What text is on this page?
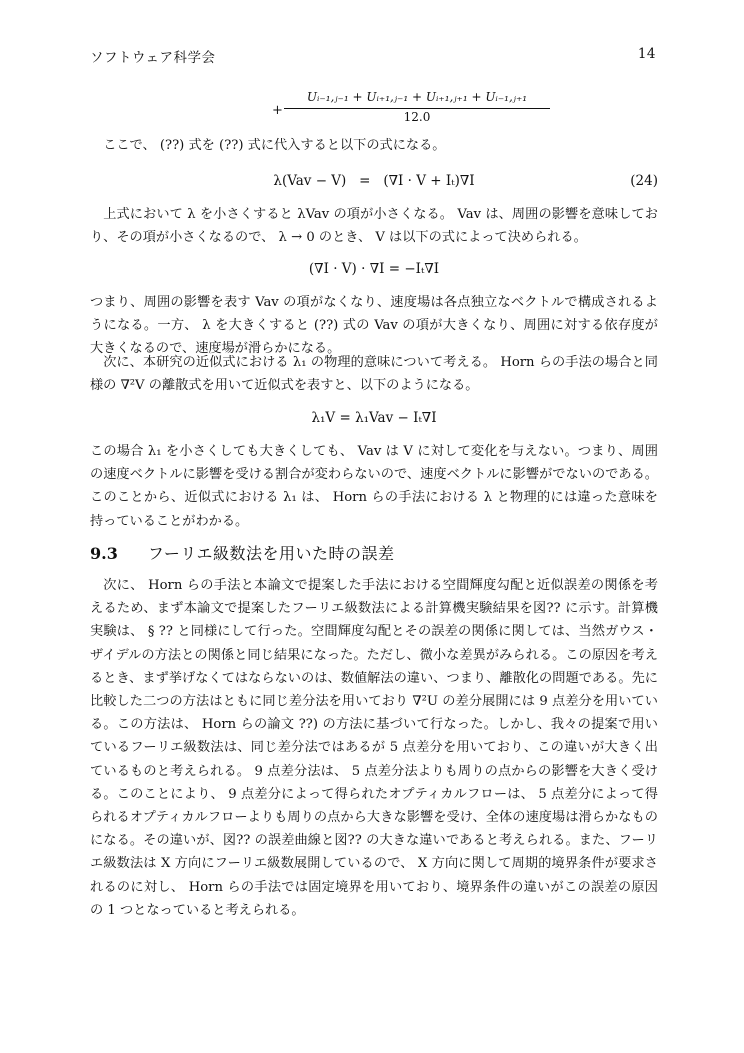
ソフトウェア科学会	14
+
Uᵢ₋₁,ⱼ₋₁ + Uᵢ₊₁,ⱼ₋₁ + Uᵢ₊₁,ⱼ₊₁ + Uᵢ₋₁,ⱼ₊₁
12.0
ここで、 (??) 式を (??) 式に代入すると以下の式になる。
λ(Vav − V)   =   (∇I · V + Iₜ)∇I	(24)
上式において λ を小さくすると λVav の項が小さくなる。 Vav は、周囲の影響を意味しており、その項が小さくなるので、 λ → 0 のとき、 V は以下の式によって決められる。
(∇I · V) · ∇I = −Iₜ∇I
つまり、周囲の影響を表す Vav の項がなくなり、速度場は各点独立なベクトルで構成されるようになる。一方、 λ を大きくすると (??) 式の Vav の項が大きくなり、周囲に対する依存度が大きくなるので、速度場が滑らかになる。
次に、本研究の近似式における λ₁ の物理的意味について考える。 Horn らの手法の場合と同様の ∇²V の離散式を用いて近似式を表すと、以下のようになる。
λ₁V = λ₁Vav − Iₜ∇I
この場合 λ₁ を小さくしても大きくしても、 Vav は V に対して変化を与えない。つまり、周囲の速度ベクトルに影響を受ける割合が変わらないので、速度ベクトルに影響がでないのである。このことから、近似式における λ₁ は、 Horn らの手法における λ と物理的には違った意味を持っていることがわかる。
9.3 フーリエ級数法を用いた時の誤差
次に、 Horn らの手法と本論文で提案した手法における空間輝度勾配と近似誤差の関係を考えるため、まず本論文で提案したフーリエ級数法による計算機実験結果を図?? に示す。計算機実験は、 § ?? と同様にして行った。空間輝度勾配とその誤差の関係に関しては、当然ガウス・ザイデルの方法との関係と同じ結果になった。ただし、微小な差異がみられる。この原因を考えるとき、まず挙げなくてはならないのは、数値解法の違い、つまり、離散化の問題である。先に比較した二つの方法はともに同じ差分法を用いており ∇²U の差分展開には 9 点差分を用いている。この方法は、 Horn らの論文 ??) の方法に基づいて行なった。しかし、我々の提案で用いているフーリエ級数法は、同じ差分法ではあるが 5 点差分を用いており、この違いが大きく出ているものと考えられる。 9 点差分法は、 5 点差分法よりも周りの点からの影響を大きく受ける。このことにより、 9 点差分によって得られたオプティカルフローは、 5 点差分によって得られるオプティカルフローよりも周りの点から大きな影響を受け、全体の速度場は滑らかなものになる。その違いが、図?? の誤差曲線と図?? の大きな違いであると考えられる。また、フーリエ級数法は X 方向にフーリエ級数展開しているので、 X 方向に関して周期的境界条件が要求されるのに対し、 Horn らの手法では固定境界を用いており、境界条件の違いがこの誤差の原因の 1 つとなっていると考えられる。
